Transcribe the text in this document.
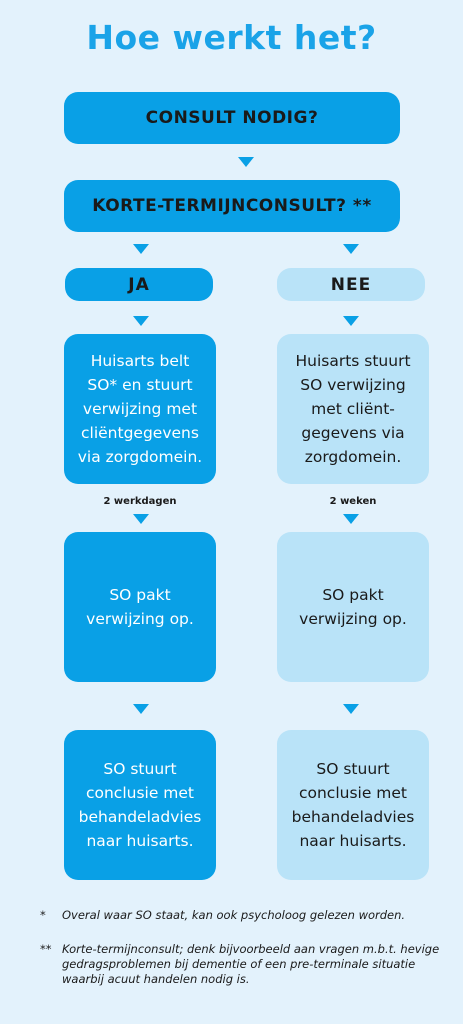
Hoe werkt het?
CONSULT NODIG?
KORTE-TERMIJNCONSULT? **
JA	NEE
Huisarts belt
SO* en stuurt
verwijzing met
cliëntgegevens
via zorgdomein.
Huisarts stuurt
SO verwijzing
met cliënt-
gegevens via
zorgdomein.
2 werkdagen	2 weken
SO pakt
verwijzing op.
SO pakt
verwijzing op.
SO stuurt
conclusie met
behandeladvies
naar huisarts.
SO stuurt
conclusie met
behandeladvies
naar huisarts.
*	Overal waar SO staat, kan ook psycholoog gelezen worden.
** Korte-termijnconsult; denk bijvoorbeeld aan vragen m.b.t. hevige gedragsproblemen bij dementie of een pre-terminale situatie waarbij acuut handelen nodig is.
